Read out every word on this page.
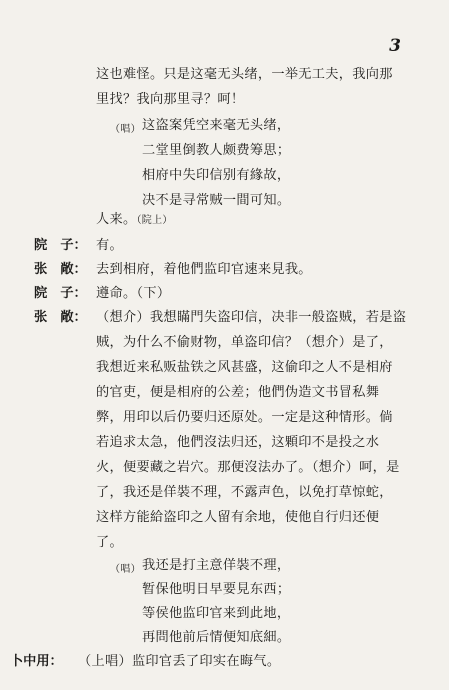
3
这也难怪。只是这毫无头绪，一举无工夫，我向那
里找？我向那里寻？呵！
（唱） 这盗案凭空来毫无头绪，
二堂里倒教人颇费筹思；
相府中失印信别有緣故，
决不是寻常贼一間可知。
人来。（院上）
院　子： 有。
张　敞： 去到相府，着他們监印官速来見我。
院　子： 遵命。（下）
张　敞： （想介）我想瞞門失盗印信，决非一般盗贼，若是盗
贼，为什么不偷财物，单盗印信？（想介）是了，
我想近来私贩盐铁之风甚盛，这偷印之人不是相府
的官吏，便是相府的公差；他們伪造文书冒私舞
弊，用印以后仍要归还原处。一定是这种情形。倘
若追求太急，他們沒法归还，这顆印不是投之水
火，便要藏之岩穴。那便沒法办了。（想介）呵，是
了，我还是佯裝不理，不露声色，以免打草惊蛇，
这样方能給盗印之人留有余地，使他自行归还便
了。
（唱） 我还是打主意佯裝不理，
暂保他明日早要見东西；
等侯他监印官来到此地，
再問他前后情便知底細。
卜中用： （上唱）监印官丢了印实在晦气。
